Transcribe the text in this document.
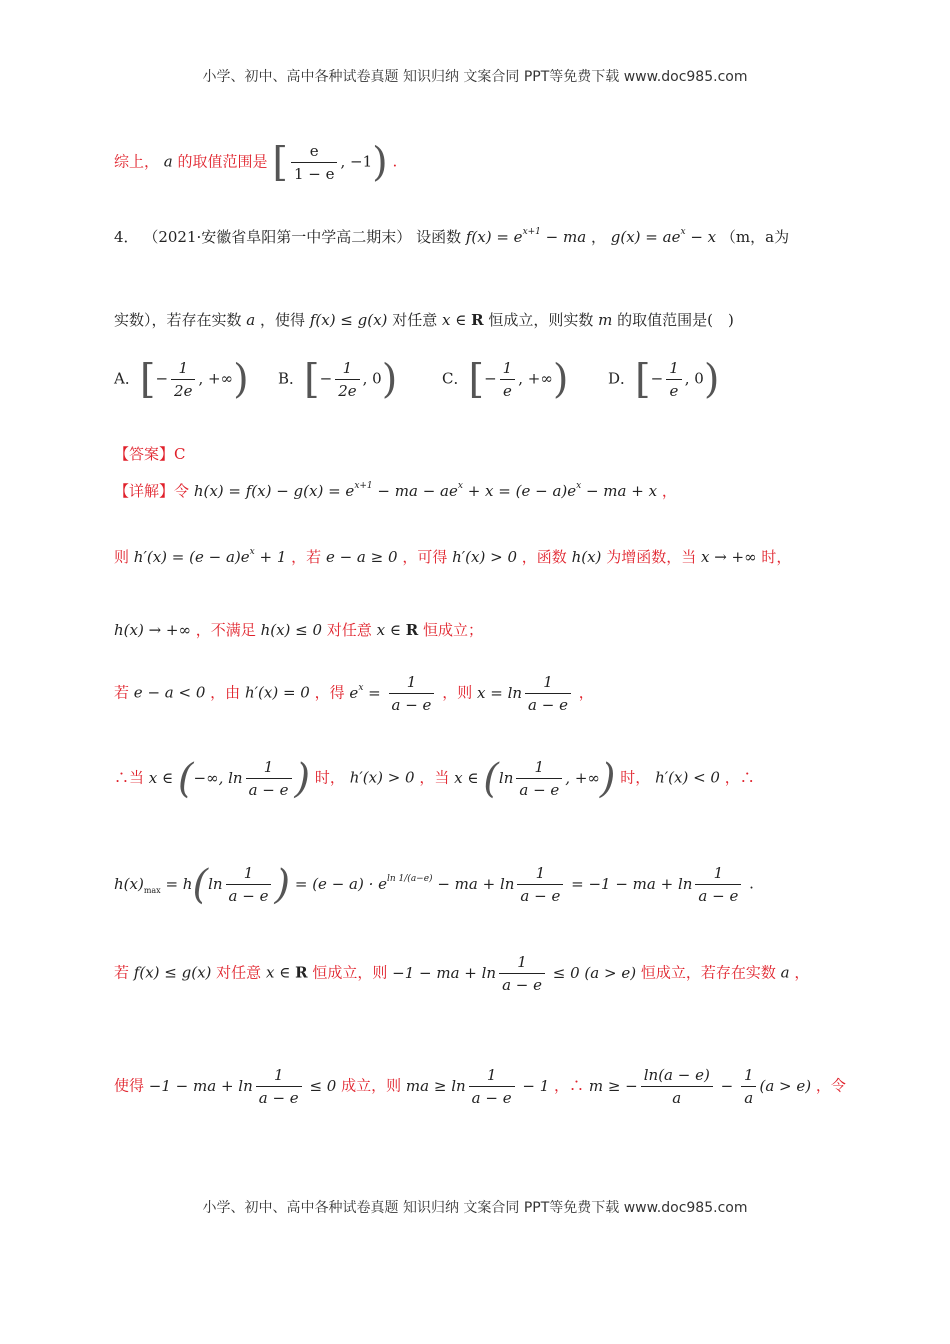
小学、初中、高中各种试卷真题 知识归纳 文案合同 PPT等免费下载 www.doc985.com
综上， a 的取值范围是 [ $\frac{e}{1 - e}$ , −1) .
4． （2021·安徽省阜阳第一中学高二期末） 设函数 $f(x) = e^{x+1}$ − ma ， $g(x) = ae^x - x$ （m，a为
实数），若存在实数 a ，使得 f(x) ≤ g(x) 对任意 x ∈ R 恒成立，则实数 m 的取值范围是(　)
A．[− $\frac{1}{2e}$ , +∞) B．[− $\frac{1}{2e}$ , 0)	C．[− $\frac{1}{e}$ , +∞)	D．[− $\frac{1}{e}$ , 0)
【答案】C
【详解】令 $h(x) = f(x) - g(x) = e^{x+1}$ − ma − $ae^x + x = (e - a)e^x$ − ma + x ，
则 $h'(x) = (e - a)e^x + 1$ ，若 e − a ≥ 0 ，可得 h′(x) > 0 ，函数 h(x) 为增函数，当 x → +∞ 时，
h(x) → +∞ ，不满足 h(x) ≤ 0 对任意 x ∈ R 恒成立；
若 e − a < 0 ，由 h′(x) = 0 ，得 $e^x = \frac{1}{a - e}$ ，则 $x = \ln \frac{1}{a - e}$ ，
∴当 x ∈ (−∞, $\ln \frac{1}{a - e}$ ) 时， h′(x) > 0 ，当 x ∈ ($\ln \frac{1}{a - e}$ , +∞) 时， h′(x) < 0 ，∴
$h(x)_{max} = h(\ln \frac{1}{a - e}$ ) = $(e - a) \cdot e^{ln 1/(a-e)}$ − ma + $\ln \frac{1}{a - e} = -1$ − ma + $\ln \frac{1}{a - e}$ .
若 f(x) ≤ g(x) 对任意 x ∈ R 恒成立，则 −1 − ma + $\ln \frac{1}{a - e} \le 0$ (a > e) 恒成立，若存在实数 a ，
使得 −1 − ma + $\ln \frac{1}{a - e} \le 0$ 成立，则 ma ≥ $\ln \frac{1}{a - e} - 1$ ，∴ m ≥ − $\frac{\ln(a - e)}{a} - \frac{1}{a} (a > e)$ ，令
小学、初中、高中各种试卷真题 知识归纳 文案合同 PPT等免费下载 www.doc985.com
